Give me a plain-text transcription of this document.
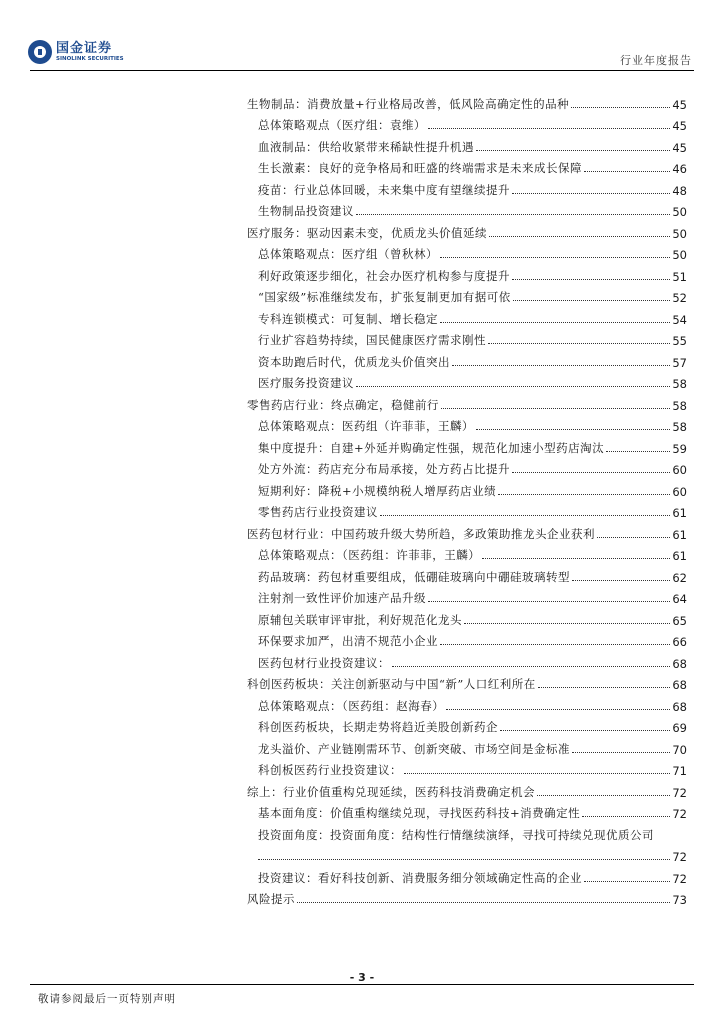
国金证券
SINOLINK SECURITIES	行业年度报告
生物制品：消费放量+行业格局改善，低风险高确定性的品种	45
总体策略观点（医疗组：袁维）	45
血液制品：供给收紧带来稀缺性提升机遇	45
生长激素：良好的竞争格局和旺盛的终端需求是未来成长保障	46
疫苗：行业总体回暖，未来集中度有望继续提升	48
生物制品投资建议	50
医疗服务：驱动因素未变，优质龙头价值延续	50
总体策略观点：医疗组（曾秋林）	50
利好政策逐步细化，社会办医疗机构参与度提升	51
“国家级”标准继续发布，扩张复制更加有据可依	52
专科连锁模式：可复制、增长稳定	54
行业扩容趋势持续，国民健康医疗需求刚性	55
资本助跑后时代，优质龙头价值突出	57
医疗服务投资建议	58
零售药店行业：终点确定，稳健前行	58
总体策略观点：医药组（许菲菲，王麟）	58
集中度提升：自建+外延并购确定性强，规范化加速小型药店淘汰	59
处方外流：药店充分布局承接，处方药占比提升	60
短期利好：降税+小规模纳税人增厚药店业绩	60
零售药店行业投资建议	61
医药包材行业：中国药玻升级大势所趋，多政策助推龙头企业获利	61
总体策略观点：（医药组：许菲菲，王麟）	61
药品玻璃：药包材重要组成，低硼硅玻璃向中硼硅玻璃转型	62
注射剂一致性评价加速产品升级	64
原辅包关联审评审批，利好规范化龙头	65
环保要求加严，出清不规范小企业	66
医药包材行业投资建议：	68
科创医药板块：关注创新驱动与中国“新”人口红利所在	68
总体策略观点：（医药组：赵海春）	68
科创医药板块，长期走势将趋近美股创新药企	69
龙头溢价、产业链刚需环节、创新突破、市场空间是金标准	70
科创板医药行业投资建议：	71
综上：行业价值重构兑现延续，医药科技消费确定机会	72
基本面角度：价值重构继续兑现，寻找医药科技+消费确定性	72
投资面角度：投资面角度：结构性行情继续演绎，寻找可持续兑现优质公司
72
投资建议：看好科技创新、消费服务细分领域确定性高的企业	72
风险提示	73
- 3 -
敬请参阅最后一页特别声明
